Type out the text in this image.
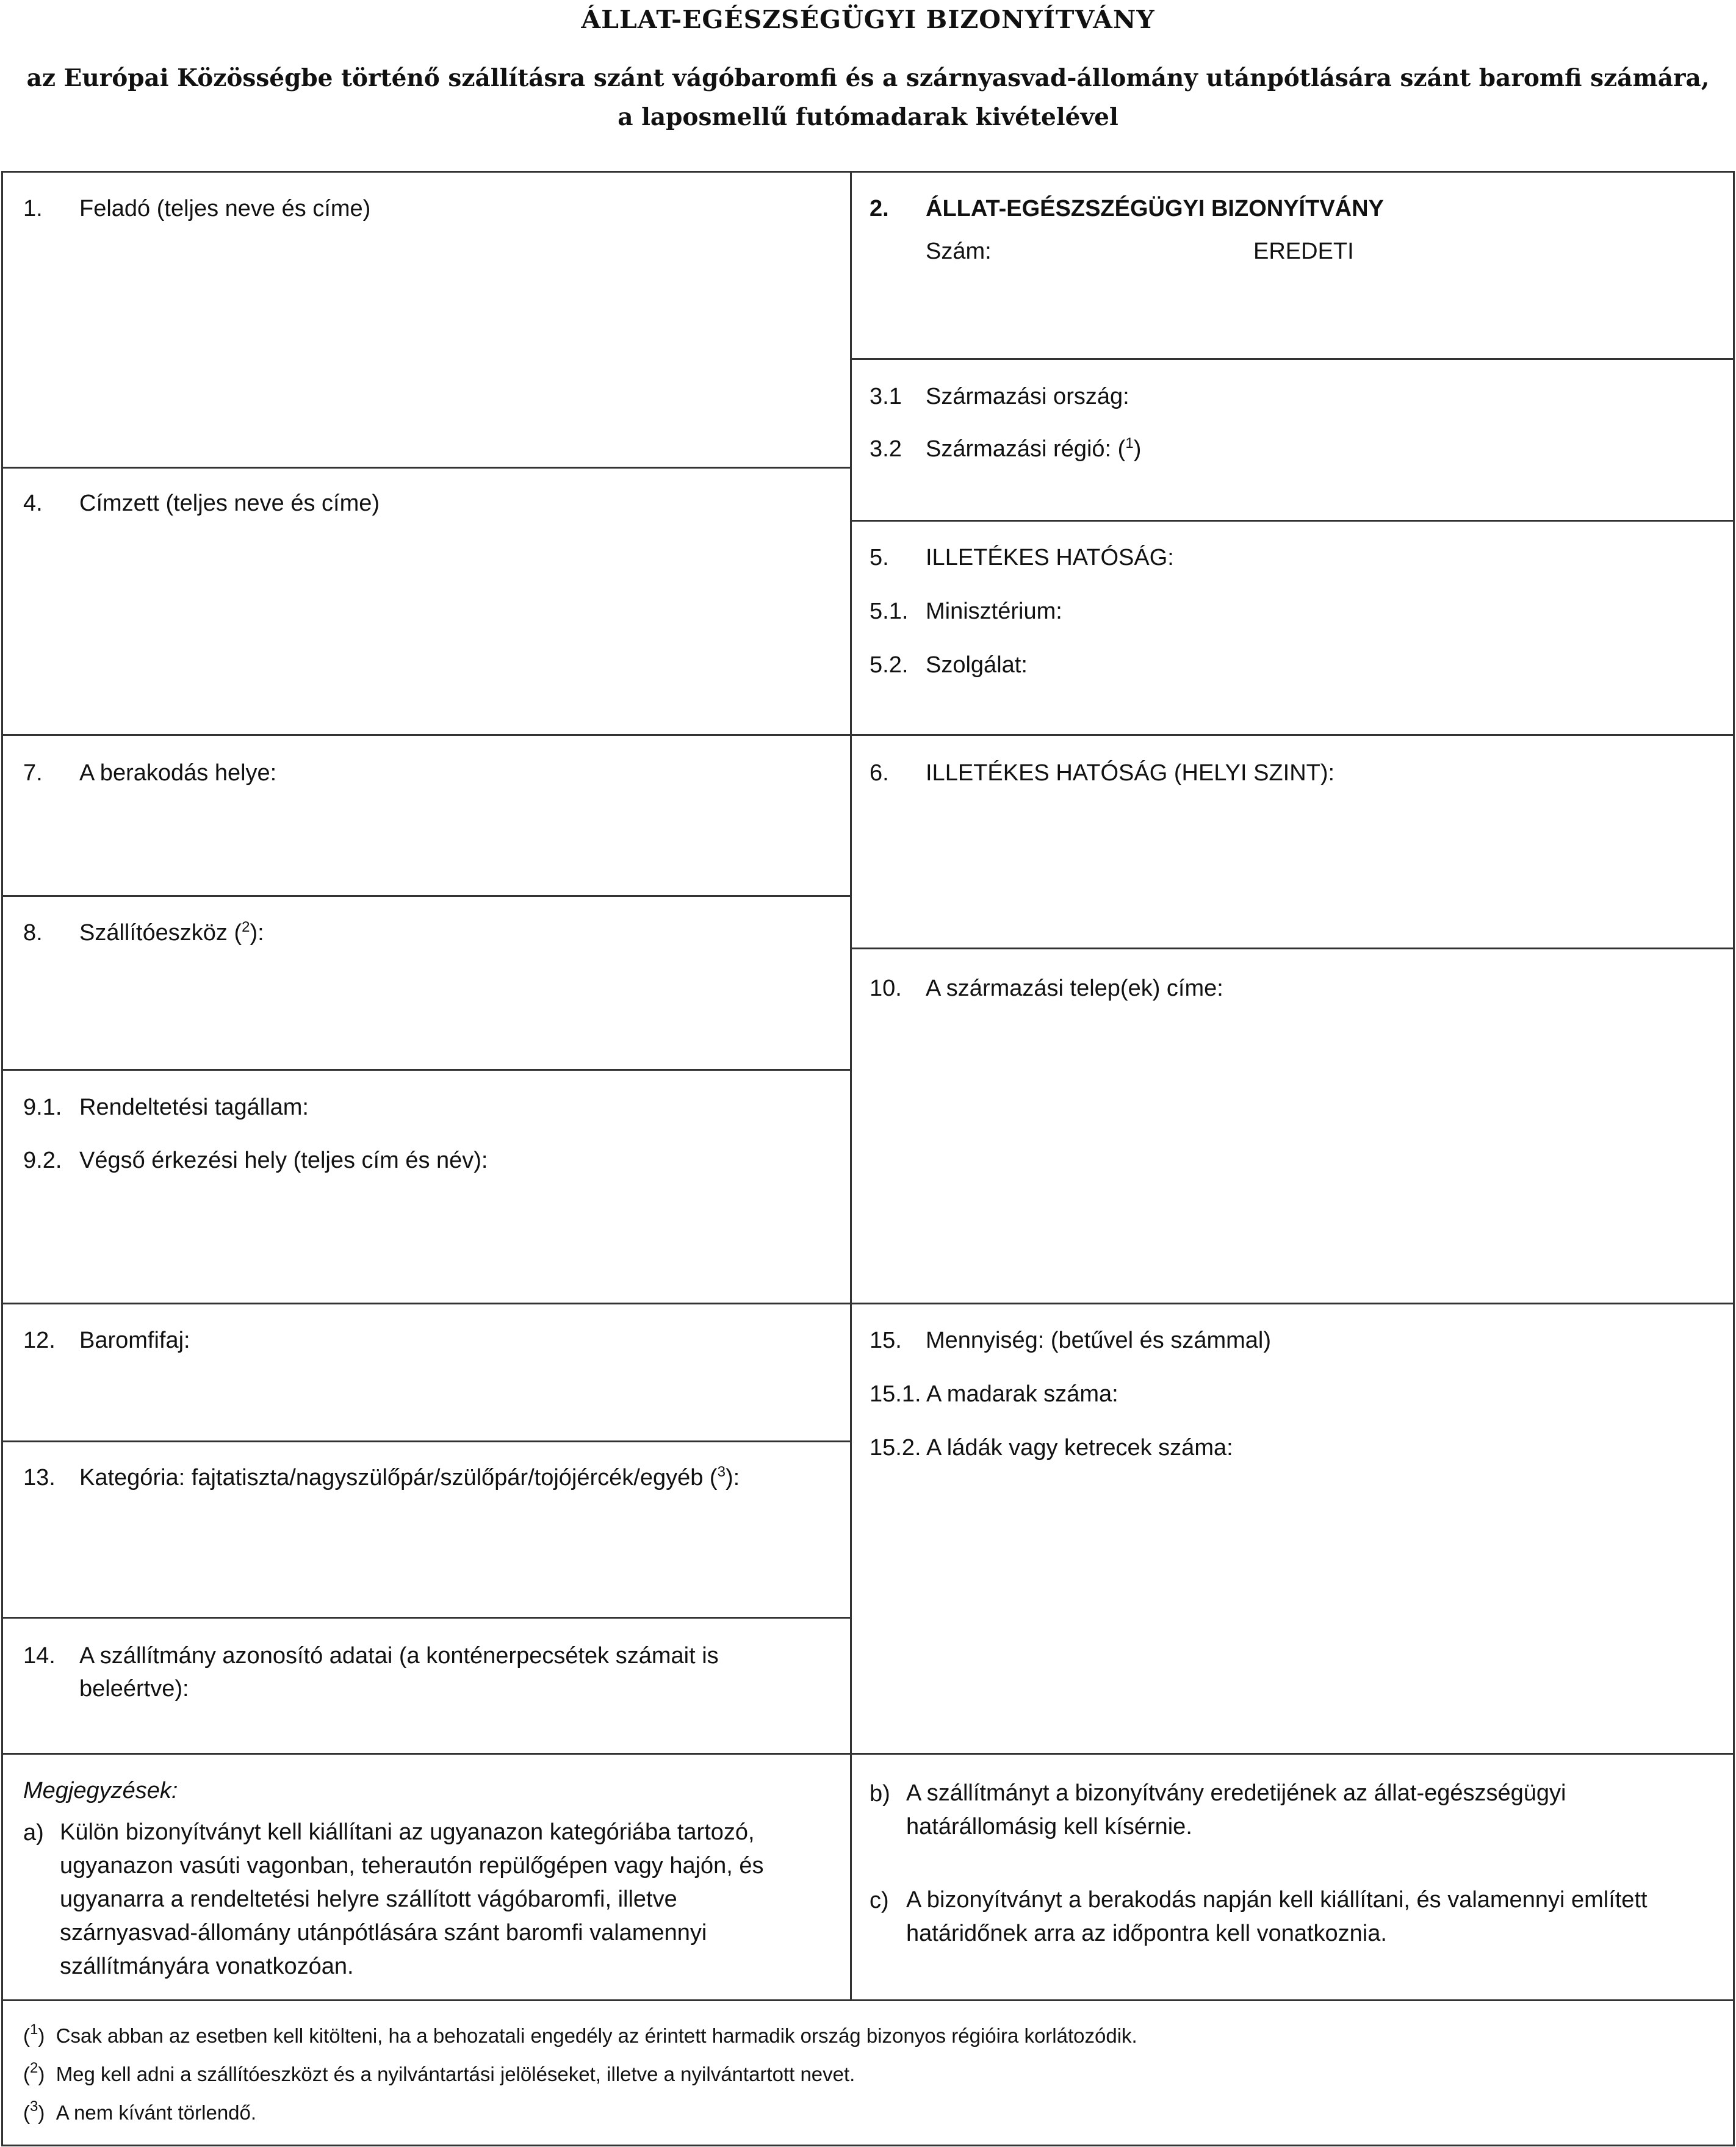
ÁLLAT-EGÉSZSÉGÜGYI BIZONYÍTVÁNY
az Európai Közösségbe történő szállításra szánt vágóbaromfi és a szárnyasvad-állomány utánpótlására szánt baromfi számára, a laposmellű futómadarak kivételével
1. Feladó (teljes neve és címe)	2. ÁLLAT-EGÉSZSZÉGÜGYI BIZONYÍTVÁNY
Szám:	EREDETI
3.1 Származási ország:
3.2 Származási régió: ($^1$)
4. Címzett (teljes neve és címe)
5. ILLETÉKES HATÓSÁG:
5.1. Minisztérium:
5.2. Szolgálat:
7. A berakodás helye:	6. ILLETÉKES HATÓSÁG (HELYI SZINT):
8. Szállítóeszköz ($^2$):
10. A származási telep(ek) címe:
9.1. Rendeltetési tagállam:
9.2. Végső érkezési hely (teljes cím és név):
12. Baromfifaj:	15. Mennyiség: (betűvel és számmal)
15.1. A madarak száma:
15.2. A ládák vagy ketrecek száma:
13. Kategória: fajtatiszta/nagyszülőpár/szülőpár/tojójércék/egyéb ($^3$):
14. A szállítmány azonosító adatai (a konténerpecsétek számait is
beleértve):
Megjegyzések:
a) Külön bizonyítványt kell kiállítani az ugyanazon kategóriába tartozó, ugyanazon vasúti vagonban, teherautón repülőgépen vagy hajón, és ugyanarra a rendeltetési helyre szállított vágóbaromfi, illetve szárnyasvad-állomány utánpótlására szánt baromfi valamennyi szállítmányára vonatkozóan.
b) A szállítmányt a bizonyítvány eredetijének az állat-egészségügyi határállomásig kell kísérnie.
c) A bizonyítványt a berakodás napján kell kiállítani, és valamennyi említett határidőnek arra az időpontra kell vonatkoznia.
($^1$)  Csak abban az esetben kell kitölteni, ha a behozatali engedély az érintett harmadik ország bizonyos régióira korlátozódik.
($^2$)  Meg kell adni a szállítóeszközt és a nyilvántartási jelöléseket, illetve a nyilvántartott nevet.
($^3$)  A nem kívánt törlendő.
